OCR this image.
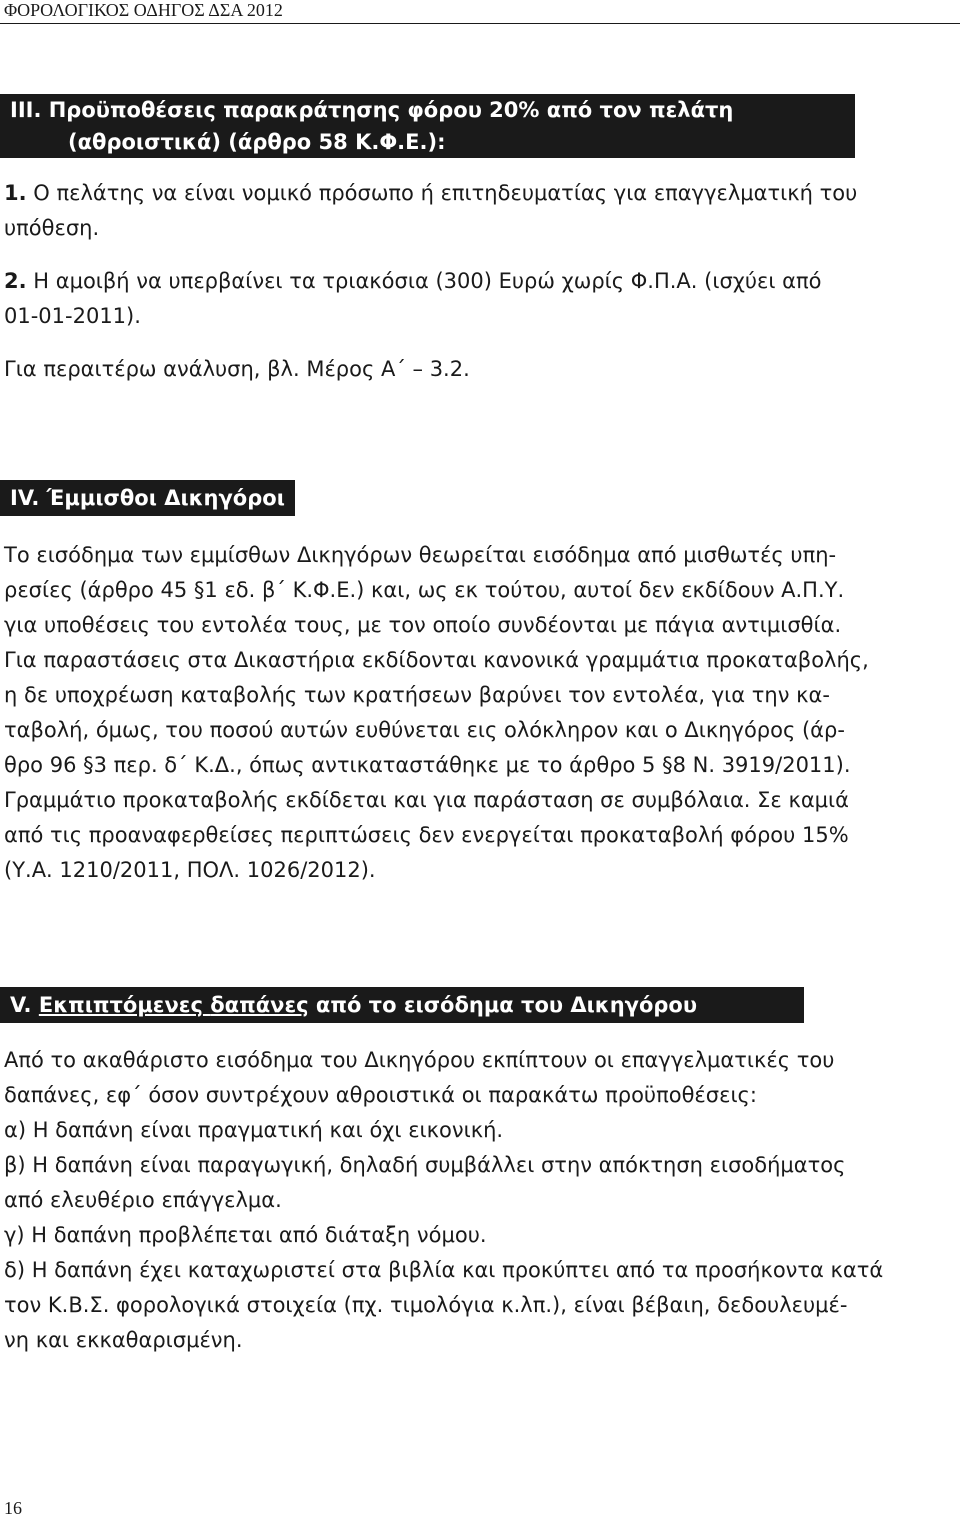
ΦΟΡΟΛΟΓΙΚΟΣ ΟΔΗΓΟΣ ΔΣΑ 2012
ΙΙΙ. Προϋποθέσεις παρακράτησης φόρου 20% από τον πελάτη
(αθροιστικά) (άρθρο 58 Κ.Φ.Ε.):

1. Ο πελάτης να είναι νομικό πρόσωπο ή επιτηδευματίας για επαγγελματική του
υπόθεση.

2. Η αμοιβή να υπερβαίνει τα τριακόσια (300) Ευρώ χωρίς Φ.Π.Α. (ισχύει από
01-01-2011).

Για περαιτέρω ανάλυση, βλ. Μέρος Α΄ – 3.2.

IV. Έμμισθοι Δικηγόροι

Το εισόδημα των εμμίσθων Δικηγόρων θεωρείται εισόδημα από μισθωτές υπη-
ρεσίες (άρθρο 45 §1 εδ. β΄ Κ.Φ.Ε.) και, ως εκ τούτου, αυτοί δεν εκδίδουν Α.Π.Υ.
για υποθέσεις του εντολέα τους, με τον οποίο συνδέονται με πάγια αντιμισθία.

Για παραστάσεις στα Δικαστήρια εκδίδονται κανονικά γραμμάτια προκαταβολής,
η δε υποχρέωση καταβολής των κρατήσεων βαρύνει τον εντολέα, για την κα-
ταβολή, όμως, του ποσού αυτών ευθύνεται εις ολόκληρον και ο Δικηγόρος (άρ-
θρο 96 §3 περ. δ΄ Κ.Δ., όπως αντικαταστάθηκε με το άρθρο 5 §8 Ν. 3919/2011).
Γραμμάτιο προκαταβολής εκδίδεται και για παράσταση σε συμβόλαια. Σε καμιά
από τις προαναφερθείσες περιπτώσεις δεν ενεργείται προκαταβολή φόρου 15%
(Υ.Α. 1210/2011, ΠΟΛ. 1026/2012).

V. Εκπιπτόμενες δαπάνες από το εισόδημα του Δικηγόρου

Από το ακαθάριστο εισόδημα του Δικηγόρου εκπίπτουν οι επαγγελματικές του
δαπάνες, εφ΄ όσον συντρέχουν αθροιστικά οι παρακάτω προϋποθέσεις:
α) Η δαπάνη είναι πραγματική και όχι εικονική.
β) Η δαπάνη είναι παραγωγική, δηλαδή συμβάλλει στην απόκτηση εισοδήματος
από ελευθέριο επάγγελμα.
γ) Η δαπάνη προβλέπεται από διάταξη νόμου.
δ) Η δαπάνη έχει καταχωριστεί στα βιβλία και προκύπτει από τα προσήκοντα κατά
τον Κ.Β.Σ. φορολογικά στοιχεία (πχ. τιμολόγια κ.λπ.), είναι βέβαιη, δεδουλευμέ-
νη και εκκαθαρισμένη.

16
